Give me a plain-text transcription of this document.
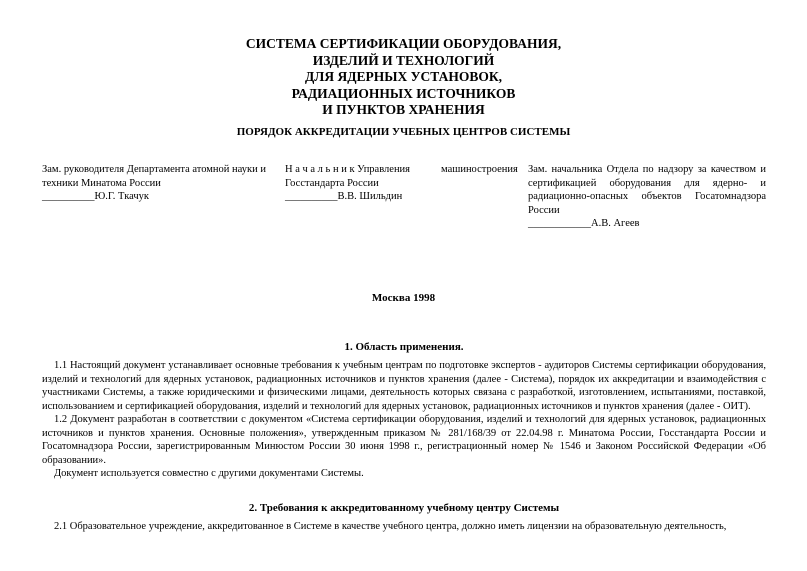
СИСТЕМА СЕРТИФИКАЦИИ ОБОРУДОВАНИЯ,
ИЗДЕЛИЙ И ТЕХНОЛОГИЙ
ДЛЯ ЯДЕРНЫХ УСТАНОВОК,
РАДИАЦИОННЫХ ИСТОЧНИКОВ
И ПУНКТОВ ХРАНЕНИЯ
ПОРЯДОК АККРЕДИТАЦИИ УЧЕБНЫХ ЦЕНТРОВ СИСТЕМЫ
Зам. руководителя Департамента атомной науки и
техники Минатома России
__________Ю.Г. Ткачук
Н а ч а л ь н и к Управления
Госстандарта России
__________В.В. Шильдин
машиностроения Зам. начальника Отдела по надзору за качеством и сертификацией оборудования для ядерно- и радиационно-опасных объектов Госатомнадзора
России
____________А.В. Агеев
Москва 1998
1. Область применения.

1.1 Настоящий документ устанавливает основные требования к учебным центрам по подготовке экспертов - аудиторов Системы сертификации оборудования, изделий и технологий для ядерных установок, радиационных источников и пунктов хранения (далее - Система), порядок их аккредитации и взаимодействия с участниками Системы, а также юридическими и физическими лицами, деятельность которых связана с разработкой, изготовлением, испытаниями, поставкой, использованием и сертификацией оборудования, изделий и технологий для ядерных установок, радиационных источников и пунктов хранения (далее - ОИТ).

1.2 Документ разработан в соответствии с документом «Система сертификации оборудования, изделий и технологий для ядерных установок, радиационных источников и пунктов хранения. Основные положения», утвержденным приказом № 281/168/39 от 22.04.98 г. Минатома России, Госстандарта России и Госатомнадзора России, зарегистрированным Минюстом России 30 июня 1998 г., регистрационный номер № 1546 и Законом Российской Федерации «Об образовании».

Документ используется совместно с другими документами Системы.

2. Требования к аккредитованному учебному центру Системы

2.1 Образовательное учреждение, аккредитованное в Системе в качестве учебного центра, должно иметь лицензии на образовательную деятельность,
